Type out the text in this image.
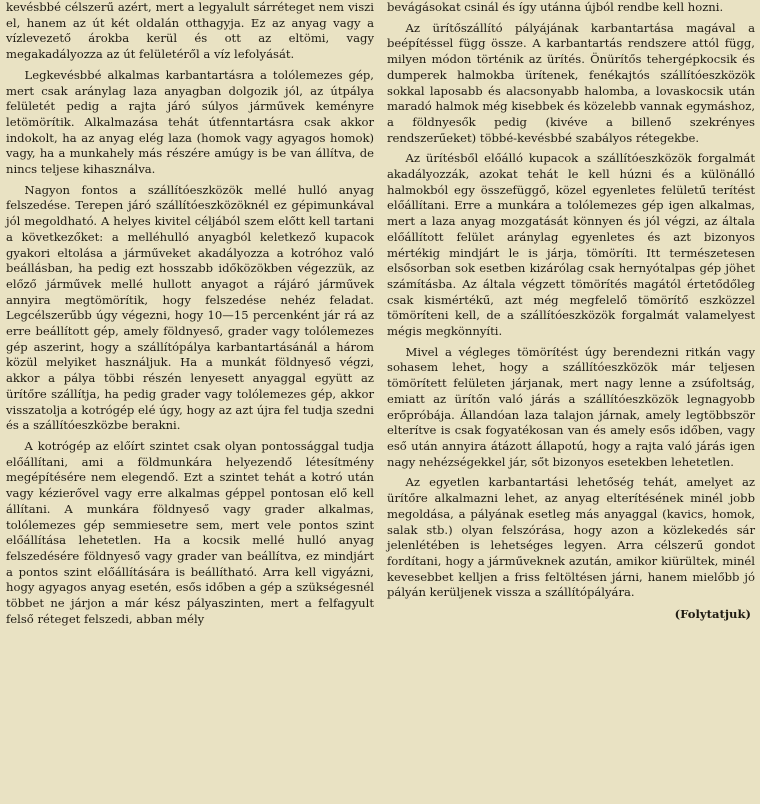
kevésbbé célszerű azért, mert a legyalult sárréteget nem viszi el, hanem az út két oldalán otthagyja. Ez az anyag vagy a vízlevezető árokba kerül és ott az eltömi, vagy megakadályozza az út felületéről a víz lefolyását.

Legkevésbbé alkalmas karbantartásra a tolólemezes gép, mert csak aránylag laza anyagban dolgozik jól, az útpálya felületét pedig a rajta járó súlyos járművek keményre letömörítik. Alkalmazása tehát útfenntartásra csak akkor indokolt, ha az anyag elég laza (homok vagy agyagos homok) vagy, ha a munkahely más részére amúgy is be van állítva, de nincs teljese kihasználva.

Nagyon fontos a szállítóeszközök mellé hulló anyag felszedése. Terepen járó szállítóeszközöknél ez gépimunkával jól megoldható. A helyes kivitel céljából szem előtt kell tartani a következőket: a melléhulló anyagból keletkező kupacok gyakori eltolása a járműveket akadályozza a kotróhoz való beállásban, ha pedig ezt hosszabb időközökben végezzük, az előző járművek mellé hullott anyagot a rájáró járművek annyira megtömörítik, hogy felszedése nehéz feladat. Legcélszerűbb úgy végezni, hogy 10—15 percenként jár rá az erre beállított gép, amely földnyeső, grader vagy tolólemezes gép aszerint, hogy a szállítópálya karbantartásánál a három közül melyiket használjuk. Ha a munkát földnyeső végzi, akkor a pálya többi részén lenyesett anyaggal együtt az ürítőre szállítja, ha pedig grader vagy tolólemezes gép, akkor visszatolja a kotrógép elé úgy, hogy az azt újra fel tudja szedni és a szállítóeszközbe berakni.

A kotrógép az előírt szintet csak olyan pontossággal tudja előállítani, ami a földmunkára helyezendő létesítmény megépítésére nem elegendő. Ezt a szintet tehát a kotró után vagy kézierővel vagy erre alkalmas géppel pontosan elő kell állítani. A munkára földnyeső vagy grader alkalmas, tolólemezes gép semmiesetre sem, mert vele pontos szint előállítása lehetetlen. Ha a kocsik mellé hulló anyag felszedésére földnyeső vagy grader van beállítva, ez mindjárt a pontos szint előállítására is beállítható. Arra kell vigyázni, hogy agyagos anyag esetén, esős időben a gép a szükségesnél többet ne járjon a már kész pályaszinten, mert a felfagyult felső réteget felszedi, abban mély

bevágásokat csinál és így utánna újból rendbe kell hozni.

Az ürítőszállító pályájának karbantartása magával a beépítéssel függ össze. A karbantartás rendszere attól függ, milyen módon történik az ürítés. Önürítős tehergépkocsik és dumperek halmokba ürítenek, fenékajtós szállítóeszközök sokkal laposabb és alacsonyabb halomba, a lovaskocsik után maradó halmok még kisebbek és közelebb vannak egymáshoz, a földnyesők pedig (kivéve a billenő szekrényes rendszerűeket) többé-kevésbbé szabályos rétegekbe.

Az ürítésből előálló kupacok a szállítóeszközök forgalmát akadályozzák, azokat tehát le kell húzni és a különálló halmokból egy összefüggő, közel egyenletes felületű terítést előállítani. Erre a munkára a tolólemezes gép igen alkalmas, mert a laza anyag mozgatását könnyen és jól végzi, az általa előállított felület aránylag egyenletes és azt bizonyos mértékig mindjárt le is járja, tömöríti. Itt természetesen elsősorban sok esetben kizárólag csak hernyótalpas gép jöhet számításba. Az általa végzett tömörítés magától értetődőleg csak kismértékű, azt még megfelelő tömörítő eszközzel tömöríteni kell, de a szállítóeszközök forgalmát valamelyest mégis megkönnyíti.

Mivel a végleges tömörítést úgy berendezni ritkán vagy sohasem lehet, hogy a szállítóeszközök már teljesen tömörített felületen járjanak, mert nagy lenne a zsúfoltság, emiatt az ürítőn való járás a szállítóeszközök legnagyobb erőpróbája. Állandóan laza talajon járnak, amely legtöbbször elterítve is csak fogyatékosan van és amely esős időben, vagy eső után annyira átázott állapotú, hogy a rajta való járás igen nagy nehézségekkel jár, sőt bizonyos esetekben lehetetlen.

Az egyetlen karbantartási lehetőség tehát, amelyet az ürítőre alkalmazni lehet, az anyag elterítésének minél jobb megoldása, a pályának esetleg más anyaggal (kavics, homok, salak stb.) olyan felszórása, hogy azon a közlekedés sár jelenlétében is lehetséges legyen. Arra célszerű gondot fordítani, hogy a járműveknek azután, amikor kiürültek, minél kevesebbet kelljen a friss feltöltésen járni, hanem mielőbb jó pályán kerüljenek vissza a szállítópályára.

(Folytatjuk)
